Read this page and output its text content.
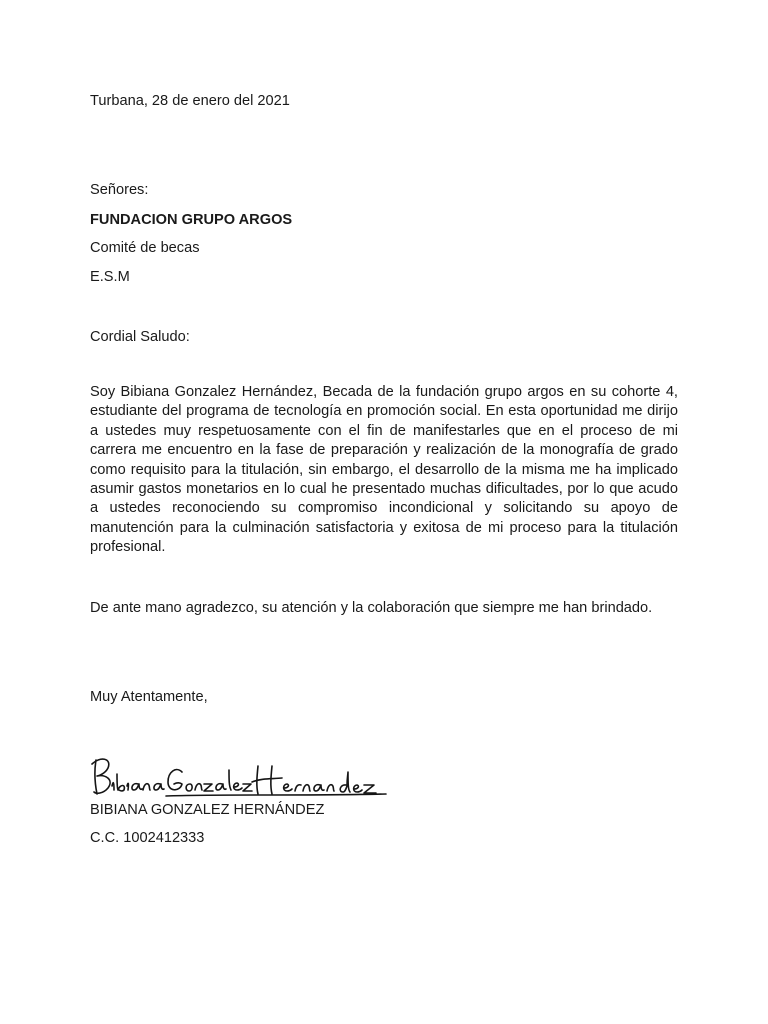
Turbana, 28 de enero del 2021

Señores:

FUNDACION GRUPO ARGOS

Comité de becas

E.S.M

Cordial Saludo:

Soy Bibiana Gonzalez Hernández, Becada de la fundación grupo argos en su cohorte 4, estudiante del programa de tecnología en promoción social. En esta oportunidad me dirijo a ustedes muy respetuosamente con el fin de manifestarles que en el proceso de mi carrera me encuentro en la fase de preparación y realización de la monografía de grado como requisito para la titulación, sin embargo, el desarrollo de la misma me ha implicado asumir gastos monetarios en lo cual he presentado muchas dificultades, por lo que acudo a ustedes reconociendo su compromiso incondicional y solicitando su apoyo de manutención para la culminación satisfactoria y exitosa de mi proceso para la titulación profesional.

De ante mano agradezco, su atención y la colaboración que siempre me han brindado.

Muy Atentamente,

BIBIANA GONZALEZ HERNÁNDEZ

C.C. 1002412333
